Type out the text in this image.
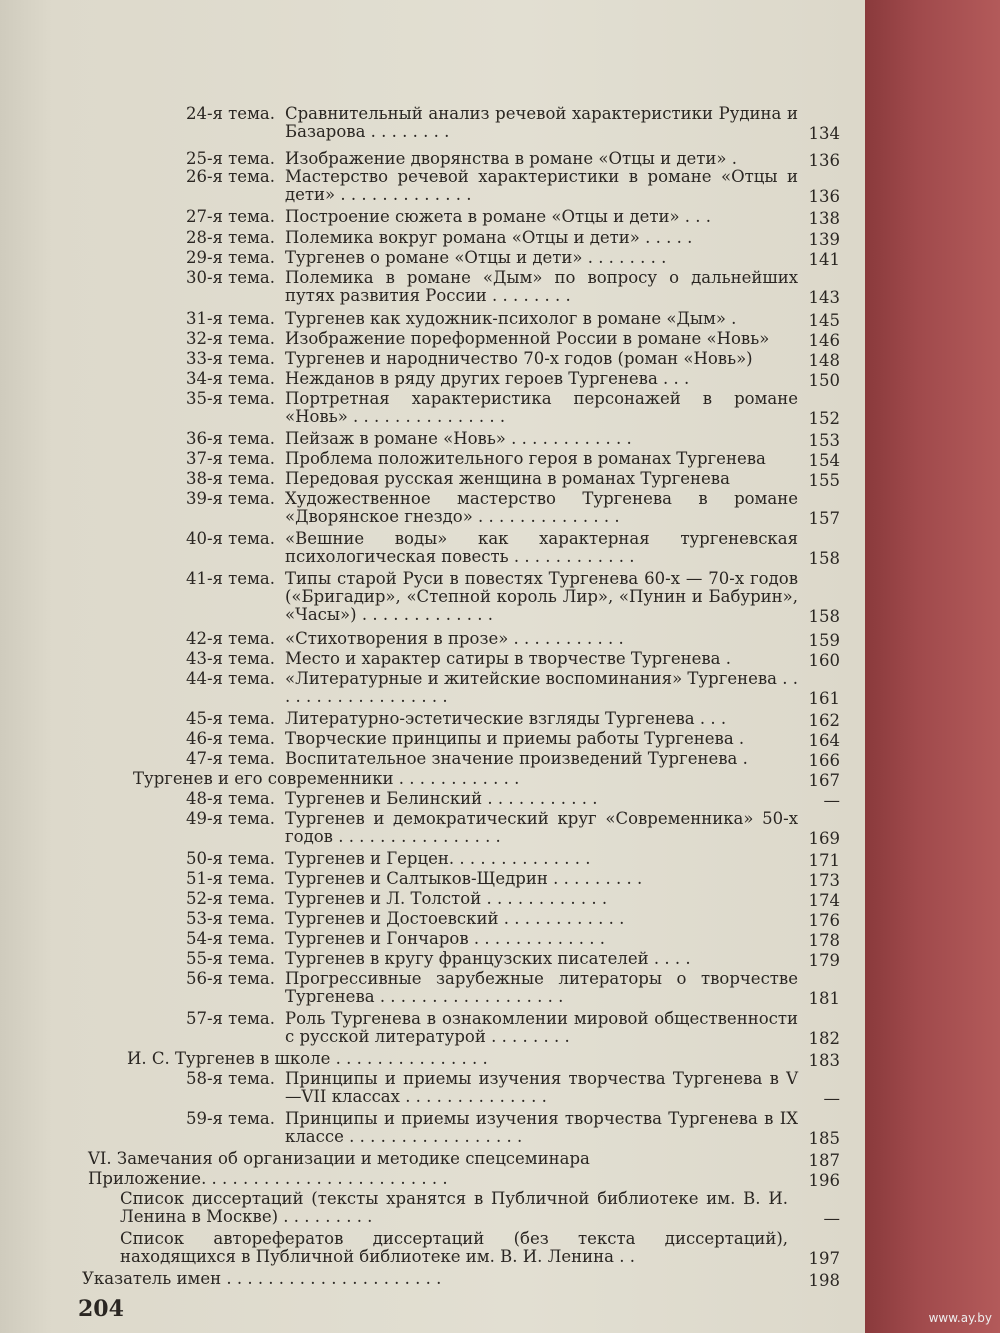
24-я тема. Сравнительный анализ речевой характеристики Рудина и Базарова . . . . . . . .	134
25-я тема. Изображение дворянства в романе «Отцы и дети» .	136
26-я тема. Мастерство речевой характеристики в романе «Отцы и дети» . . . . . . . . . . . . .	136
27-я тема. Построение сюжета в романе «Отцы и дети» . . .	138
28-я тема. Полемика вокруг романа «Отцы и дети» . . . . .	139
29-я тема. Тургенев о романе «Отцы и дети» . . . . . . . .	141
30-я тема. Полемика в романе «Дым» по вопросу о дальнейших путях развития России . . . . . . . .	143
31-я тема. Тургенев как художник-психолог в романе «Дым» .	145
32-я тема. Изображение пореформенной России в романе «Новь»	146
33-я тема. Тургенев и народничество 70-х годов (роман «Новь»)	148
34-я тема. Нежданов в ряду других героев Тургенева . . .	150
35-я тема. Портретная характеристика персонажей в романе «Новь» . . . . . . . . . . . . . . .	152
36-я тема. Пейзаж в романе «Новь» . . . . . . . . . . . .	153
37-я тема. Проблема положительного героя в романах Тургенева	154
38-я тема. Передовая русская женщина в романах Тургенева	155
39-я тема. Художественное мастерство Тургенева в романе «Дворянское гнездо» . . . . . . . . . . . . . .	157
40-я тема. «Вешние воды» как характерная тургеневская психологическая повесть . . . . . . . . . . . .	158
41-я тема. Типы старой Руси в повестях Тургенева 60-х — 70-х годов («Бригадир», «Степной король Лир», «Пунин и Бабурин», «Часы») . . . . . . . . . . . . .	158
42-я тема. «Стихотворения в прозе» . . . . . . . . . . .	159
43-я тема. Место и характер сатиры в творчестве Тургенева .	160
44-я тема. «Литературные и житейские воспоминания» Тургенева . . . . . . . . . . . . . . . . . .	161
45-я тема. Литературно-эстетические взгляды Тургенева . . .	162
46-я тема. Творческие принципы и приемы работы Тургенева .	164
47-я тема. Воспитательное значение произведений Тургенева .	166
Тургенев и его современники . . . . . . . . . . . .	167
48-я тема. Тургенев и Белинский . . . . . . . . . . .	—
49-я тема. Тургенев и демократический круг «Современника» 50-х годов . . . . . . . . . . . . . . . .	169
50-я тема. Тургенев и Герцен. . . . . . . . . . . . . .	171
51-я тема. Тургенев и Салтыков-Щедрин . . . . . . . . .	173
52-я тема. Тургенев и Л. Толстой . . . . . . . . . . . .	174
53-я тема. Тургенев и Достоевский . . . . . . . . . . . .	176
54-я тема. Тургенев и Гончаров . . . . . . . . . . . . .	178
55-я тема. Тургенев в кругу французских писателей . . . .	179
56-я тема. Прогрессивные зарубежные литераторы о творчестве Тургенева . . . . . . . . . . . . . . . . . .	181
57-я тема. Роль Тургенева в ознакомлении мировой общественности с русской литературой . . . . . . . .	182
И. С. Тургенев в школе . . . . . . . . . . . . . . .	183
58-я тема. Принципы и приемы изучения творчества Тургенева в V—VII классах . . . . . . . . . . . . . .	—
59-я тема. Принципы и приемы изучения творчества Тургенева в IX классе . . . . . . . . . . . . . . . . .	185
VI. Замечания об организации и методике спецсеминара	187
Приложение. . . . . . . . . . . . . . . . . . . . . . . .	196
Список диссертаций (тексты хранятся в Публичной библиотеке им. В. И. Ленина в Москве) . . . . . . . . .	—
Список авторефератов диссертаций (без текста диссертаций), находящихся в Публичной библиотеке им. В. И. Ленина . .	197
Указатель имен . . . . . . . . . . . . . . . . . . . . .	198
204	www.ay.by
